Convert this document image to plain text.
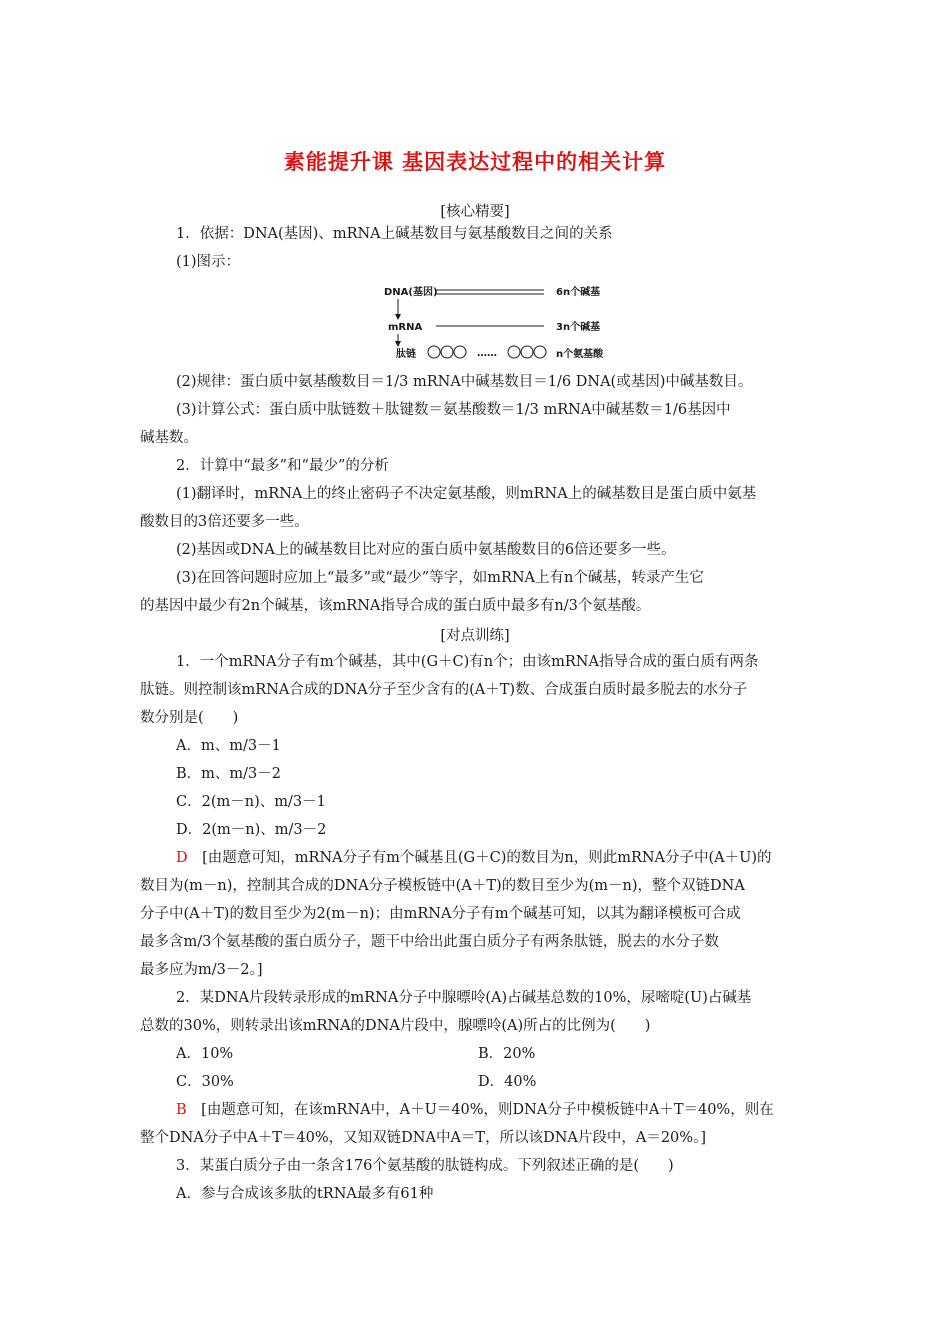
素能提升课 基因表达过程中的相关计算
[核心精要]
1．依据：DNA(基因)、mRNA上碱基数目与氨基酸数目之间的关系
(1)图示：
DNA(基因)	6n个碱基
mRNA	3n个碱基
肽链	……	n个氨基酸
(2)规律：蛋白质中氨基酸数目＝1/3 mRNA中碱基数目＝1/6 DNA(或基因)中碱基数目。
(3)计算公式：蛋白质中肽链数＋肽键数＝氨基酸数＝1/3 mRNA中碱基数＝1/6基因中
碱基数。
2．计算中“最多”和“最少”的分析
(1)翻译时，mRNA上的终止密码子不决定氨基酸，则mRNA上的碱基数目是蛋白质中氨基
酸数目的3倍还要多一些。
(2)基因或DNA上的碱基数目比对应的蛋白质中氨基酸数目的6倍还要多一些。
(3)在回答问题时应加上“最多”或“最少”等字，如mRNA上有n个碱基，转录产生它
的基因中最少有2n个碱基，该mRNA指导合成的蛋白质中最多有n/3个氨基酸。
[对点训练]
1．一个mRNA分子有m个碱基，其中(G＋C)有n个；由该mRNA指导合成的蛋白质有两条
肽链。则控制该mRNA合成的DNA分子至少含有的(A＋T)数、合成蛋白质时最多脱去的水分子
数分别是(　　)
A．m、m/3－1
B．m、m/3－2
C．2(m－n)、m/3－1
D．2(m－n)、m/3－2
D　 [由题意可知，mRNA分子有m个碱基且(G＋C)的数目为n，则此mRNA分子中(A＋U)的
数目为(m－n)，控制其合成的DNA分子模板链中(A＋T)的数目至少为(m－n)，整个双链DNA
分子中(A＋T)的数目至少为2(m－n)；由mRNA分子有m个碱基可知，以其为翻译模板可合成
最多含m/3个氨基酸的蛋白质分子，题干中给出此蛋白质分子有两条肽链，脱去的水分子数
最多应为m/3－2。]
2．某DNA片段转录形成的mRNA分子中腺嘌呤(A)占碱基总数的10%，尿嘧啶(U)占碱基
总数的30%，则转录出该mRNA的DNA片段中，腺嘌呤(A)所占的比例为(　　)
A．10%	B．20%
C．30%	D．40%
B　 [由题意可知，在该mRNA中，A＋U＝40%，则DNA分子中模板链中A＋T＝40%，则在
整个DNA分子中A＋T＝40%，又知双链DNA中A＝T，所以该DNA片段中，A＝20%。]
3．某蛋白质分子由一条含176个氨基酸的肽链构成。下列叙述正确的是(　　)
A．参与合成该多肽的tRNA最多有61种
